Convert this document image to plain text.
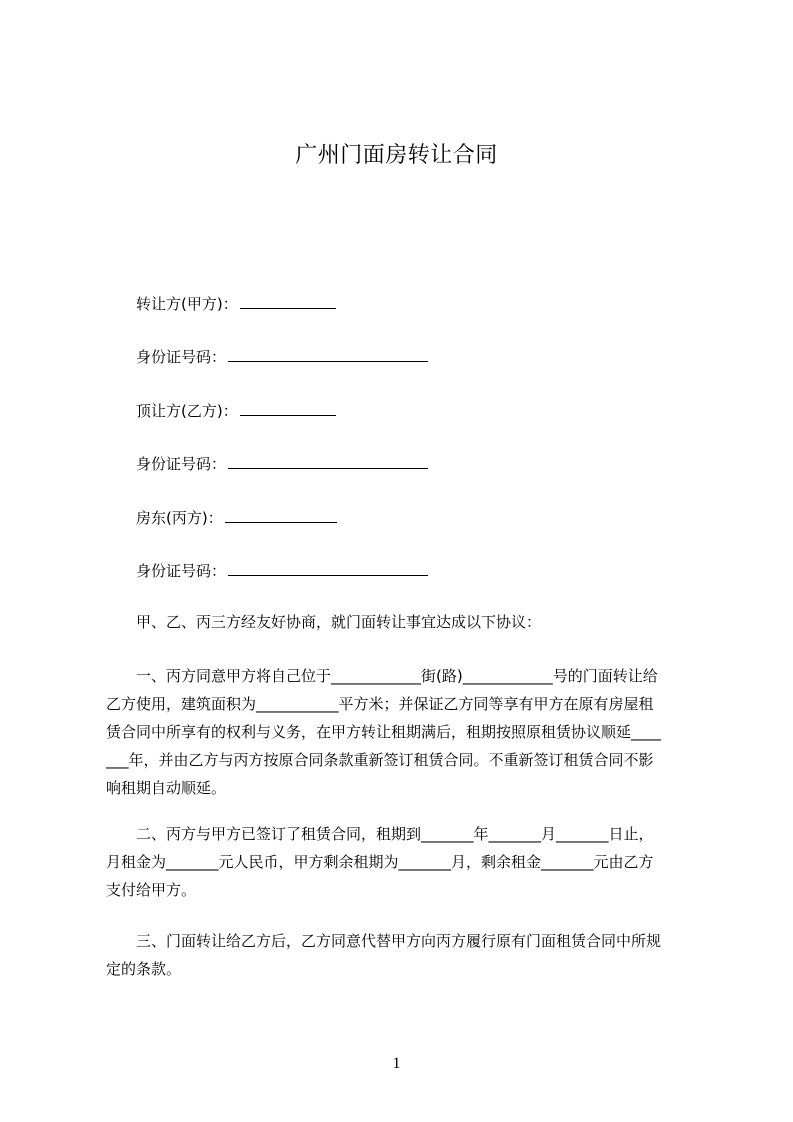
广州门面房转让合同
转让方(甲方)：
身份证号码：
顶让方(乙方)：
身份证号码：
房东(丙方)：
身份证号码：
甲、乙、丙三方经友好协商，就门面转让事宜达成以下协议：
一、丙方同意甲方将自己位于____________街(路)____________号的门面转让给
乙方使用，建筑面积为___________平方米；并保证乙方同等享有甲方在原有房屋租
赁合同中所享有的权利与义务，在甲方转让租期满后，租期按照原租赁协议顺延____
___年，并由乙方与丙方按原合同条款重新签订租赁合同。不重新签订租赁合同不影
响租期自动顺延。
二、丙方与甲方已签订了租赁合同，租期到_______年_______月_______日止，
月租金为_______元人民币，甲方剩余租期为_______月，剩余租金_______元由乙方
支付给甲方。
三、门面转让给乙方后，乙方同意代替甲方向丙方履行原有门面租赁合同中所规
定的条款。
1
